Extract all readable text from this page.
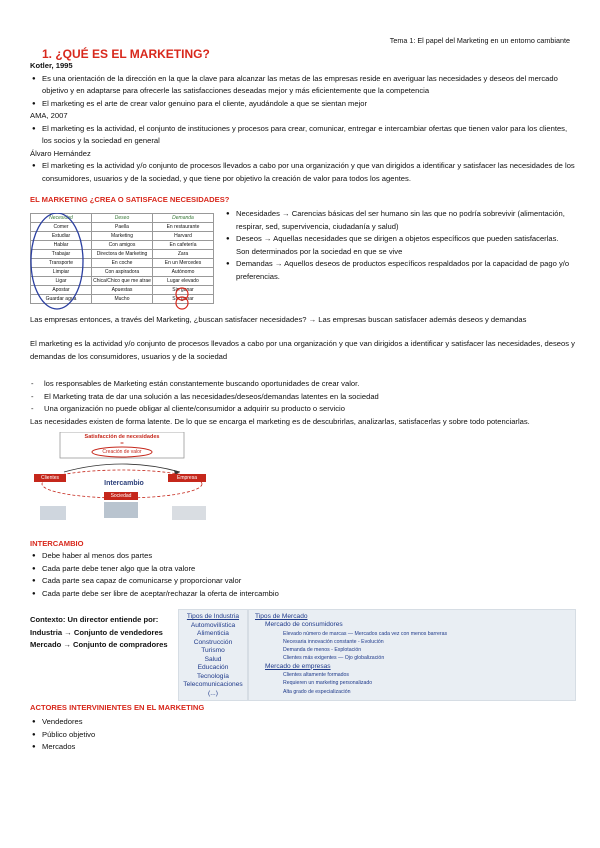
Tema 1: El papel del Marketing en un entorno cambiante
1. ¿QUÉ ES EL MARKETING?
Kotler, 1995
● Es una orientación de la dirección en la que la clave para alcanzar las metas de las empresas reside en averiguar las necesidades y deseos del mercado objetivo y en adaptarse para ofrecerle las satisfacciones deseadas mejor y más eficientemente que la competencia
● El marketing es el arte de crear valor genuino para el cliente, ayudándole a que se sientan mejor
AMA, 2007
● El marketing es la actividad, el conjunto de instituciones y procesos para crear, comunicar, entregar e intercambiar ofertas que tienen valor para los clientes, los socios y la sociedad en general
Álvaro Hernández
● El marketing es la actividad y/o conjunto de procesos llevados a cabo por una organización y que van dirigidos a identificar y satisfacer las necesidades de los consumidores, usuarios y de la sociedad, y que tiene por objetivo la creación de valor para todos los agentes.
EL MARKETING ¿CREA O SATISFACE NECESIDADES?
Necesidad	Deseo	Demanda
Comer	Paella	En restaurante
Estudiar	Marketing	Harvard
Hablar	Con amigos	En cafetería
Trabajar	Directora de Marketing	Zara
Transporte	En coche	En un Mercedes
Limpiar	Con aspiradora	Autónomo
Ligar	Chica/Chico que me atrae	Lugar elevado
Apostar	Apuestas	Sin ganar
Guardar agua	Mucho	Sin ganar
● Necesidades → Carencias básicas del ser humano sin las que no podría sobrevivir (alimentación, respirar, sed, supervivencia, ciudadanía y salud)
● Deseos → Aquellas necesidades que se dirigen a objetos específicos que pueden satisfacerlas. Son determinados por la sociedad en que se vive
● Demandas → Aquellos deseos de productos específicos respaldados por la capacidad de pago y/o preferencias.
Las empresas entonces, a través del Marketing, ¿buscan satisfacer necesidades? → Las empresas buscan satisfacer además deseos y demandas
El marketing es la actividad y/o conjunto de procesos llevados a cabo por una organización y que van dirigidos a identificar y satisfacer las necesidades, deseos y demandas de los consumidores, usuarios y de la sociedad
- los responsables de Marketing están constantemente buscando oportunidades de crear valor.
- El Marketing trata de dar una solución a las necesidades/deseos/demandas latentes en la sociedad
- Una organización no puede obligar al cliente/consumidor a adquirir su producto o servicio
Las necesidades existen de forma latente. De lo que se encarga el marketing es de descubrirlas, analizarlas, satisfacerlas y sobre todo potenciarlas.
Satisfacción de necesidades
=
Creación de valor
Clientes	Empresa
Intercambio
Sociedad
INTERCAMBIO
● Debe haber al menos dos partes
● Cada parte debe tener algo que la otra valore
● Cada parte sea capaz de comunicarse y proporcionar valor
● Cada parte debe ser libre de aceptar/rechazar la oferta de intercambio
Contexto: Un director entiende por:
Industria → Conjunto de vendedores
Mercado → Conjunto de compradores
Tipos de Industria
Automovilística
Alimenticia
Construcción
Turismo
Salud
Educación
Tecnología
Telecomunicaciones
(...)
Tipos de Mercado
Mercado de consumidores
Elevado número de marcas — Mercados cada vez con menos barreras
Necesaria innovación constante - Evolución
Demanda de menos - Explotación
Clientes más exigentes — Ojo globalización
Mercado de empresas
Clientes altamente formados
Requieren un marketing personalizado
Alta grado de especialización
ACTORES INTERVINIENTES EN EL MARKETING
● Vendedores
● Público objetivo
● Mercados
